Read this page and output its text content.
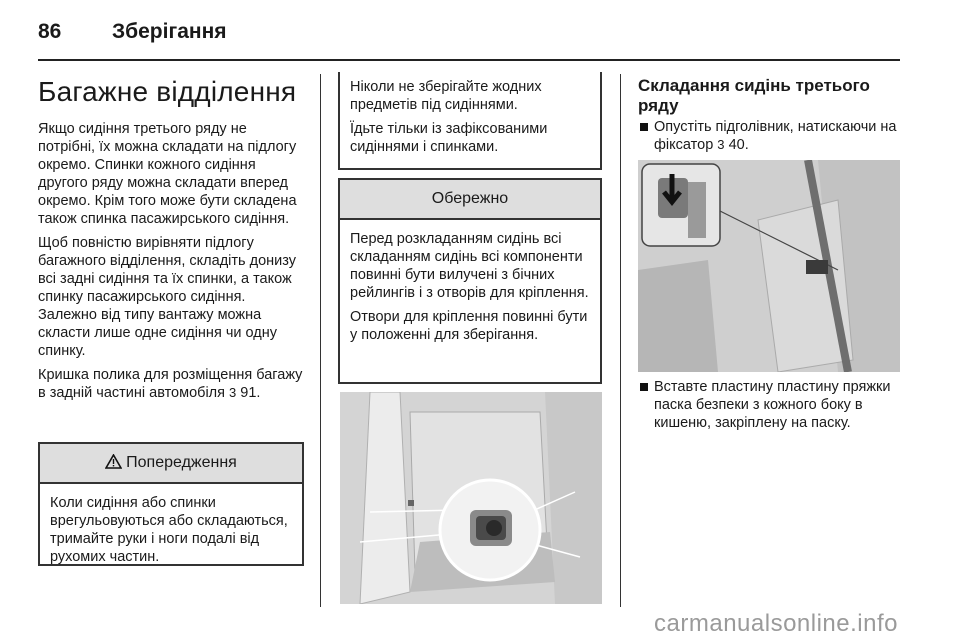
86 Зберігання
Багажне відділення

Якщо сидіння третього ряду не потрібні, їх можна складати на підлогу окремо. Спинки кожного сидіння другого ряду можна складати вперед окремо. Крім того може бути складена також спинка пасажирського сидіння.

Щоб повністю вирівняти підлогу багажного відділення, складіть донизу всі задні сидіння та їх спинки, а також спинку пасажирського сидіння. Залежно від типу вантажу можна скласти лише одне сидіння чи одну спинку.

Кришка полика для розміщення багажу в задній частині автомобіля 3 91.

Попередження

Коли сидіння або спинки врегульовуються або складаються, тримайте руки і ноги подалі від рухомих частин.

Ніколи не зберігайте жодних предметів під сидіннями.

Їдьте тільки із зафіксованими сидіннями і спинками.

Обережно

Перед розкладанням сидінь всі складанням сидінь всі компоненти повинні бути вилучені з бічних рейлингів і з отворів для кріплення.

Отвори для кріплення повинні бути у положенні для зберігання.

Складання сидінь третього ряду
Опустіть підголівник, натискаючи на фіксатор 3 40.
Вставте пластину пластину пряжки паска безпеки з кожного боку в кишеню, закріплену на паску.
carmanualsonline.info
